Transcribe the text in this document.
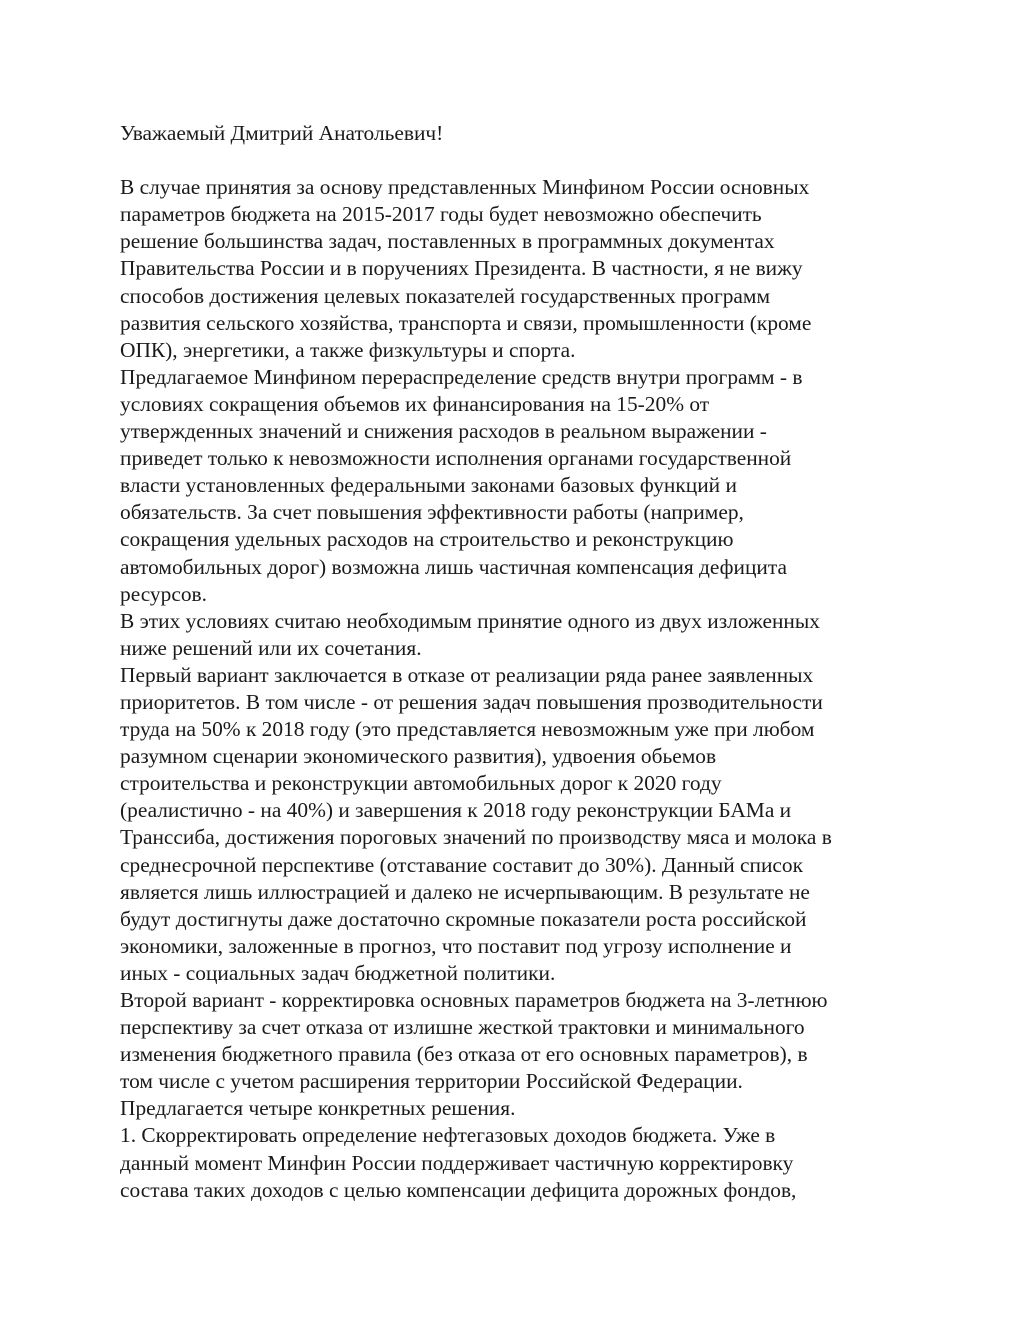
Уважаемый Дмитрий Анатольевич!
В случае принятия за основу представленных Минфином России основных
параметров бюджета на 2015-2017 годы будет невозможно обеспечить
решение большинства задач, поставленных в программных документах
Правительства России и в поручениях Президента. В частности, я не вижу
способов достижения целевых показателей государственных программ
развития сельского хозяйства, транспорта и связи, промышленности (кроме
ОПК), энергетики, а также физкультуры и спорта.
Предлагаемое Минфином перераспределение средств внутри программ - в
условиях сокращения объемов их финансирования на 15-20% от
утвержденных значений и снижения расходов в реальном выражении -
приведет только к невозможности исполнения органами государственной
власти установленных федеральными законами базовых функций и
обязательств. За счет повышения эффективности работы (например,
сокращения удельных расходов на строительство и реконструкцию
автомобильных дорог) возможна лишь частичная компенсация дефицита
ресурсов.
В этих условиях считаю необходимым принятие одного из двух изложенных
ниже решений или их сочетания.
Первый вариант заключается в отказе от реализации ряда ранее заявленных
приоритетов. В том числе - от решения задач повышения прозводительности
труда на 50% к 2018 году (это представляется невозможным уже при любом
разумном сценарии экономического развития), удвоения обьемов
строительства и реконструкции автомобильных дорог к 2020 году
(реалистично - на 40%) и завершения к 2018 году реконструкции БАМа и
Транссиба, достижения пороговых значений по производству мяса и молока в
среднесрочной перспективе (отставание составит до 30%). Данный список
является лишь иллюстрацией и далеко не исчерпывающим. В результате не
будут достигнуты даже достаточно скромные показатели роста российской
экономики, заложенные в прогноз, что поставит под угрозу исполнение и
иных - социальных задач бюджетной политики.
Второй вариант - корректировка основных параметров бюджета на 3-летнюю
перспективу за счет отказа от излишне жесткой трактовки и минимального
изменения бюджетного правила (без отказа от его основных параметров), в
том числе с учетом расширения территории Российской Федерации.
Предлагается четыре конкретных решения.
1. Скорректировать определение нефтегазовых доходов бюджета. Уже в
данный момент Минфин России поддерживает частичную корректировку
состава таких доходов с целью компенсации дефицита дорожных фондов,
